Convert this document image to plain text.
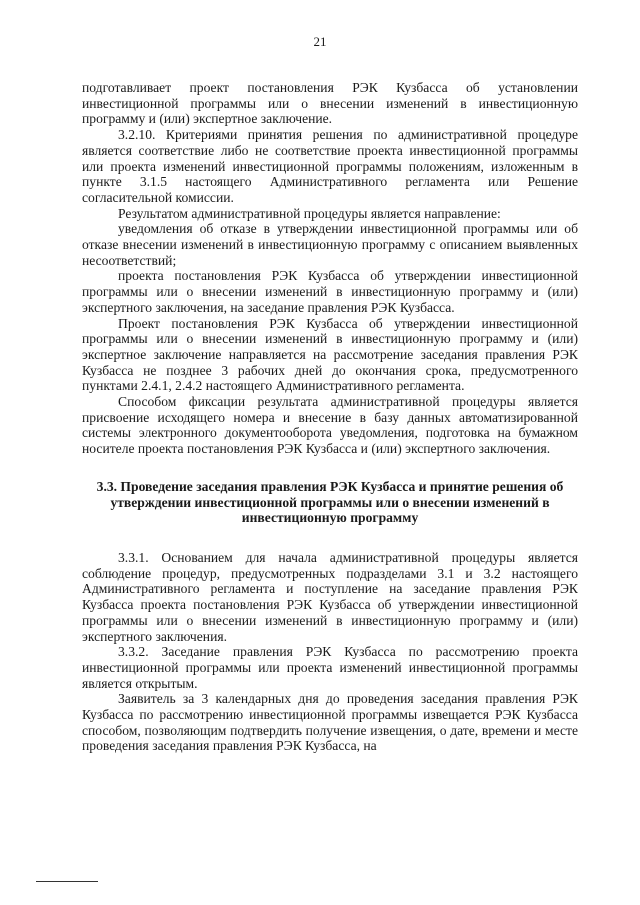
21

подготавливает проект постановления РЭК Кузбасса об установлении инвестиционной программы или о внесении изменений в инвестиционную программу и (или) экспертное заключение.

3.2.10. Критериями принятия решения по административной процедуре является соответствие либо не соответствие проекта инвестиционной программы или проекта изменений инвестиционной программы положениям, изложенным в пункте 3.1.5 настоящего Административного регламента или Решение согласительной комиссии.

Результатом административной процедуры является направление:

уведомления об отказе в утверждении инвестиционной программы или об отказе внесении изменений в инвестиционную программу с описанием выявленных несоответствий;

проекта постановления РЭК Кузбасса об утверждении инвестиционной программы или о внесении изменений в инвестиционную программу и (или) экспертного заключения, на заседание правления РЭК Кузбасса.

Проект постановления РЭК Кузбасса об утверждении инвестиционной программы или о внесении изменений в инвестиционную программу и (или) экспертное заключение направляется на рассмотрение заседания правления РЭК Кузбасса не позднее 3 рабочих дней до окончания срока, предусмотренного пунктами 2.4.1, 2.4.2 настоящего Административного регламента.

Способом фиксации результата административной процедуры является присвоение исходящего номера и внесение в базу данных автоматизированной системы электронного документооборота уведомления, подготовка на бумажном носителе проекта постановления РЭК Кузбасса и (или) экспертного заключения.

3.3. Проведение заседания правления РЭК Кузбасса и принятие решения об утверждении инвестиционной программы или о внесении изменений в инвестиционную программу

3.3.1. Основанием для начала административной процедуры является соблюдение процедур, предусмотренных подразделами 3.1 и 3.2 настоящего Административного регламента и поступление на заседание правления РЭК Кузбасса проекта постановления РЭК Кузбасса об утверждении инвестиционной программы или о внесении изменений в инвестиционную программу и (или) экспертного заключения.

3.3.2. Заседание правления РЭК Кузбасса по рассмотрению проекта инвестиционной программы или проекта изменений инвестиционной программы является открытым.

Заявитель за 3 календарных дня до проведения заседания правления РЭК Кузбасса по рассмотрению инвестиционной программы извещается РЭК Кузбасса способом, позволяющим подтвердить получение извещения, о дате, времени и месте проведения заседания правления РЭК Кузбасса, на
